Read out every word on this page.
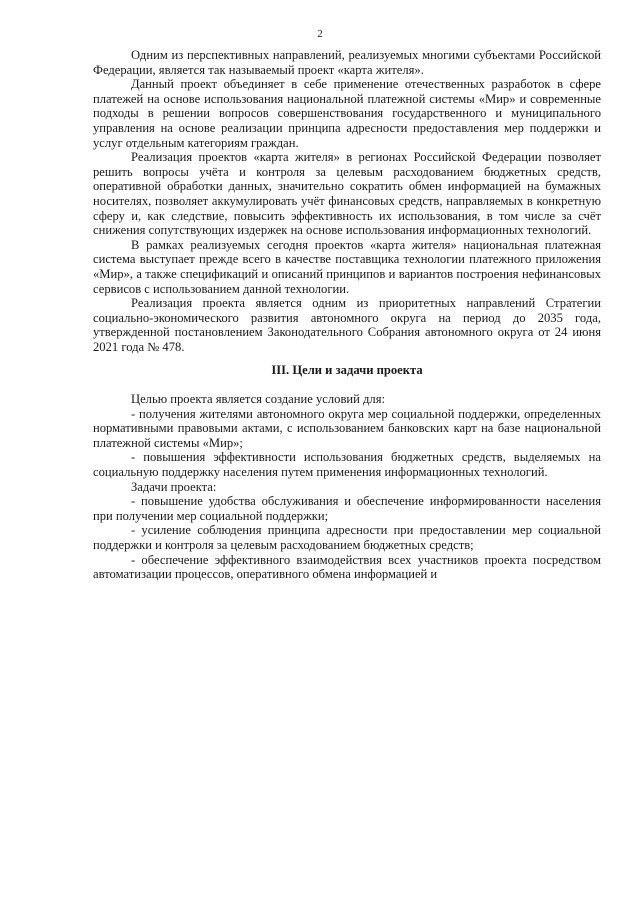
2

Одним из перспективных направлений, реализуемых многими субъектами Российской Федерации, является так называемый проект «карта жителя».

Данный проект объединяет в себе применение отечественных разработок в сфере платежей на основе использования национальной платежной системы «Мир» и современные подходы в решении вопросов совершенствования государственного и муниципального управления на основе реализации принципа адресности предоставления мер поддержки и услуг отдельным категориям граждан.

Реализация проектов «карта жителя» в регионах Российской Федерации позволяет решить вопросы учёта и контроля за целевым расходованием бюджетных средств, оперативной обработки данных, значительно сократить обмен информацией на бумажных носителях, позволяет аккумулировать учёт финансовых средств, направляемых в конкретную сферу и, как следствие, повысить эффективность их использования, в том числе за счёт снижения сопутствующих издержек на основе использования информационных технологий.

В рамках реализуемых сегодня проектов «карта жителя» национальная платежная система выступает прежде всего в качестве поставщика технологии платежного приложения «Мир», а также спецификаций и описаний принципов и вариантов построения нефинансовых сервисов с использованием данной технологии.

Реализация проекта является одним из приоритетных направлений Стратегии социально-экономического развития автономного округа на период до 2035 года, утвержденной постановлением Законодательного Собрания автономного округа от 24 июня 2021 года № 478.

III. Цели и задачи проекта

Целью проекта является создание условий для:

- получения жителями автономного округа мер социальной поддержки, определенных нормативными правовыми актами, с использованием банковских карт на базе национальной платежной системы «Мир»;

- повышения эффективности использования бюджетных средств, выделяемых на социальную поддержку населения путем применения информационных технологий.

Задачи проекта:

- повышение удобства обслуживания и обеспечение информированности населения при получении мер социальной поддержки;

- усиление соблюдения принципа адресности при предоставлении мер социальной поддержки и контроля за целевым расходованием бюджетных средств;

- обеспечение эффективного взаимодействия всех участников проекта посредством автоматизации процессов, оперативного обмена информацией и
